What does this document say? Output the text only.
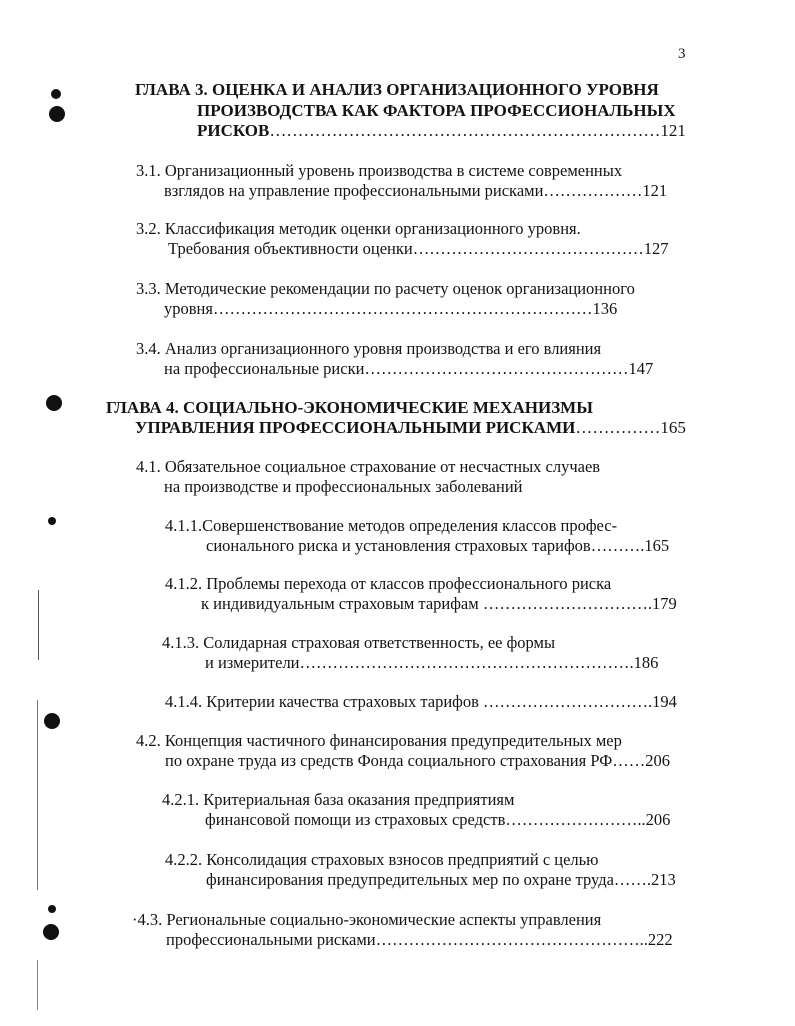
3
ГЛАВА 3. ОЦЕНКА И АНАЛИЗ ОРГАНИЗАЦИОННОГО УРОВНЯ
ПРОИЗВОДСТВА КАК ФАКТОРА ПРОФЕССИОНАЛЬНЫХ
РИСКОВ……………………………………………………………121
3.1. Организационный уровень производства в системе современных
взглядов на управление профессиональными рисками………………121
3.2. Классификация методик оценки организационного уровня.
Требования объективности оценки……………………………………127
3.3. Методические рекомендации по расчету оценок организационного
уровня……………………………………………………………136
3.4. Анализ организационного уровня производства и его влияния
на профессиональные риски…………………………………………147
ГЛАВА 4. СОЦИАЛЬНО-ЭКОНОМИЧЕСКИЕ МЕХАНИЗМЫ
УПРАВЛЕНИЯ ПРОФЕССИОНАЛЬНЫМИ РИСКАМИ……………165
4.1. Обязательное социальное страхование от несчастных случаев
на производстве и профессиональных заболеваний
4.1.1.Совершенствование методов определения классов профес-
сионального риска и установления страховых тарифов……….165
4.1.2. Проблемы перехода от классов профессионального риска
к индивидуальным страховым тарифам ………………………….179
4.1.3. Солидарная страховая ответственность, ее формы
и измерители…………………………………………………….186
4.1.4. Критерии качества страховых тарифов ………………………….194
4.2. Концепция частичного финансирования предупредительных мер
по охране труда из средств Фонда социального страхования РФ……206
4.2.1. Критериальная база оказания предприятиям
финансовой помощи из страховых средств……………………..206
4.2.2. Консолидация страховых взносов предприятий с целью
финансирования предупредительных мер по охране труда…….213
·4.3. Региональные социально-экономические аспекты управления
профессиональными рисками…………………………………………..222
